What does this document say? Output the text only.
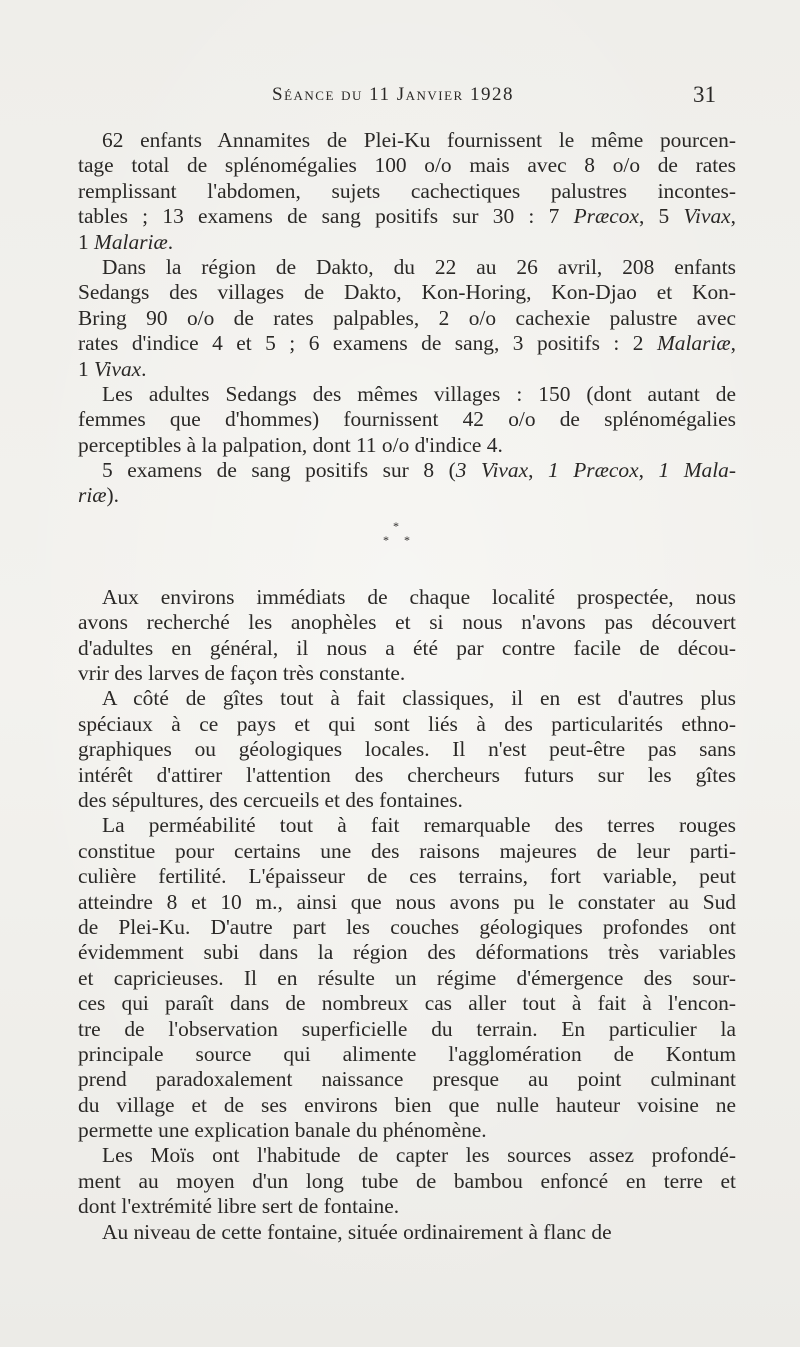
Séance du 11 Janvier 1928	31
62 enfants Annamites de Plei-Ku fournissent le même pourcen-
tage total de splénomégalies 100 o/o mais avec 8 o/o de rates
remplissant l'abdomen, sujets cachectiques palustres incontes-
tables ; 13 examens de sang positifs sur 30 : 7 Præcox, 5 Vivax,
1 Malariæ.
Dans la région de Dakto, du 22 au 26 avril, 208 enfants
Sedangs des villages de Dakto, Kon-Horing, Kon-Djao et Kon-
Bring 90 o/o de rates palpables, 2 o/o cachexie palustre avec
rates d'indice 4 et 5 ; 6 examens de sang, 3 positifs : 2 Malariæ,
1 Vivax.
Les adultes Sedangs des mêmes villages : 150 (dont autant de
femmes que d'hommes) fournissent 42 o/o de splénomégalies
perceptibles à la palpation, dont 11 o/o d'indice 4.
5 examens de sang positifs sur 8 (3 Vivax, 1 Præcox, 1 Mala-
riæ).
*
* *
Aux environs immédiats de chaque localité prospectée, nous
avons recherché les anophèles et si nous n'avons pas découvert
d'adultes en général, il nous a été par contre facile de décou-
vrir des larves de façon très constante.
A côté de gîtes tout à fait classiques, il en est d'autres plus
spéciaux à ce pays et qui sont liés à des particularités ethno-
graphiques ou géologiques locales. Il n'est peut-être pas sans
intérêt d'attirer l'attention des chercheurs futurs sur les gîtes
des sépultures, des cercueils et des fontaines.
La perméabilité tout à fait remarquable des terres rouges
constitue pour certains une des raisons majeures de leur parti-
culière fertilité. L'épaisseur de ces terrains, fort variable, peut
atteindre 8 et 10 m., ainsi que nous avons pu le constater au Sud
de Plei-Ku. D'autre part les couches géologiques profondes ont
évidemment subi dans la région des déformations très variables
et capricieuses. Il en résulte un régime d'émergence des sour-
ces qui paraît dans de nombreux cas aller tout à fait à l'encon-
tre de l'observation superficielle du terrain. En particulier la
principale source qui alimente l'agglomération de Kontum
prend paradoxalement naissance presque au point culminant
du village et de ses environs bien que nulle hauteur voisine ne
permette une explication banale du phénomène.
Les Moïs ont l'habitude de capter les sources assez profondé-
ment au moyen d'un long tube de bambou enfoncé en terre et
dont l'extrémité libre sert de fontaine.
Au niveau de cette fontaine, située ordinairement à flanc de
